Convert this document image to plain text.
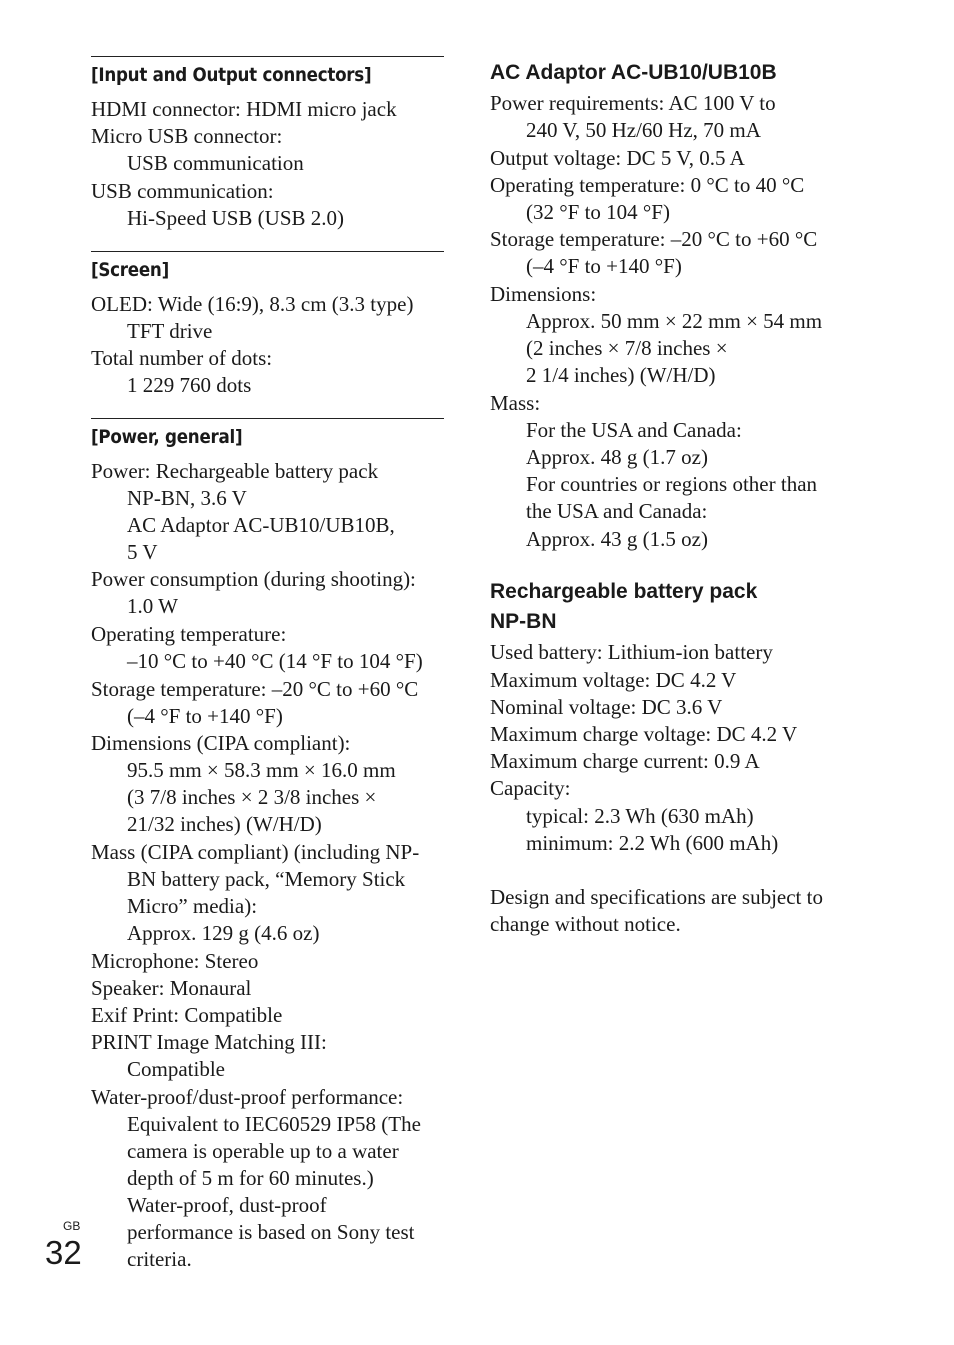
[Input and Output connectors]
HDMI connector: HDMI micro jack
Micro USB connector:
USB communication
USB communication:
Hi-Speed USB (USB 2.0)
[Screen]
OLED: Wide (16:9), 8.3 cm (3.3 type)
TFT drive
Total number of dots:
1 229 760 dots
[Power, general]
Power: Rechargeable battery pack
NP-BN, 3.6 V
AC Adaptor AC-UB10/UB10B,
5 V
Power consumption (during shooting):
1.0 W
Operating temperature:
–10 °C to +40 °C (14 °F to 104 °F)
Storage temperature: –20 °C to +60 °C
(–4 °F to +140 °F)
Dimensions (CIPA compliant):
95.5 mm × 58.3 mm × 16.0 mm
(3 7/8 inches × 2 3/8 inches ×
21/32 inches) (W/H/D)
Mass (CIPA compliant) (including NP-
BN battery pack, “Memory Stick
Micro” media):
Approx. 129 g (4.6 oz)
Microphone: Stereo
Speaker: Monaural
Exif Print: Compatible
PRINT Image Matching III:
Compatible
Water-proof/dust-proof performance:
Equivalent to IEC60529 IP58 (The
camera is operable up to a water
depth of 5 m for 60 minutes.)
Water-proof, dust-proof
performance is based on Sony test
criteria.
AC Adaptor AC-UB10/UB10B
Power requirements: AC 100 V to
240 V, 50 Hz/60 Hz, 70 mA
Output voltage: DC 5 V, 0.5 A
Operating temperature: 0 °C to 40 °C
(32 °F to 104 °F)
Storage temperature: –20 °C to +60 °C
(–4 °F to +140 °F)
Dimensions:
Approx. 50 mm × 22 mm × 54 mm
(2 inches × 7/8 inches ×
2 1/4 inches) (W/H/D)
Mass:
For the USA and Canada:
Approx. 48 g (1.7 oz)
For countries or regions other than
the USA and Canada:
Approx. 43 g (1.5 oz)
Rechargeable battery pack
NP-BN
Used battery: Lithium-ion battery
Maximum voltage: DC 4.2 V
Nominal voltage: DC 3.6 V
Maximum charge voltage: DC 4.2 V
Maximum charge current: 0.9 A
Capacity:
typical: 2.3 Wh (630 mAh)
minimum: 2.2 Wh (600 mAh)
Design and specifications are subject to
change without notice.
GB
32
